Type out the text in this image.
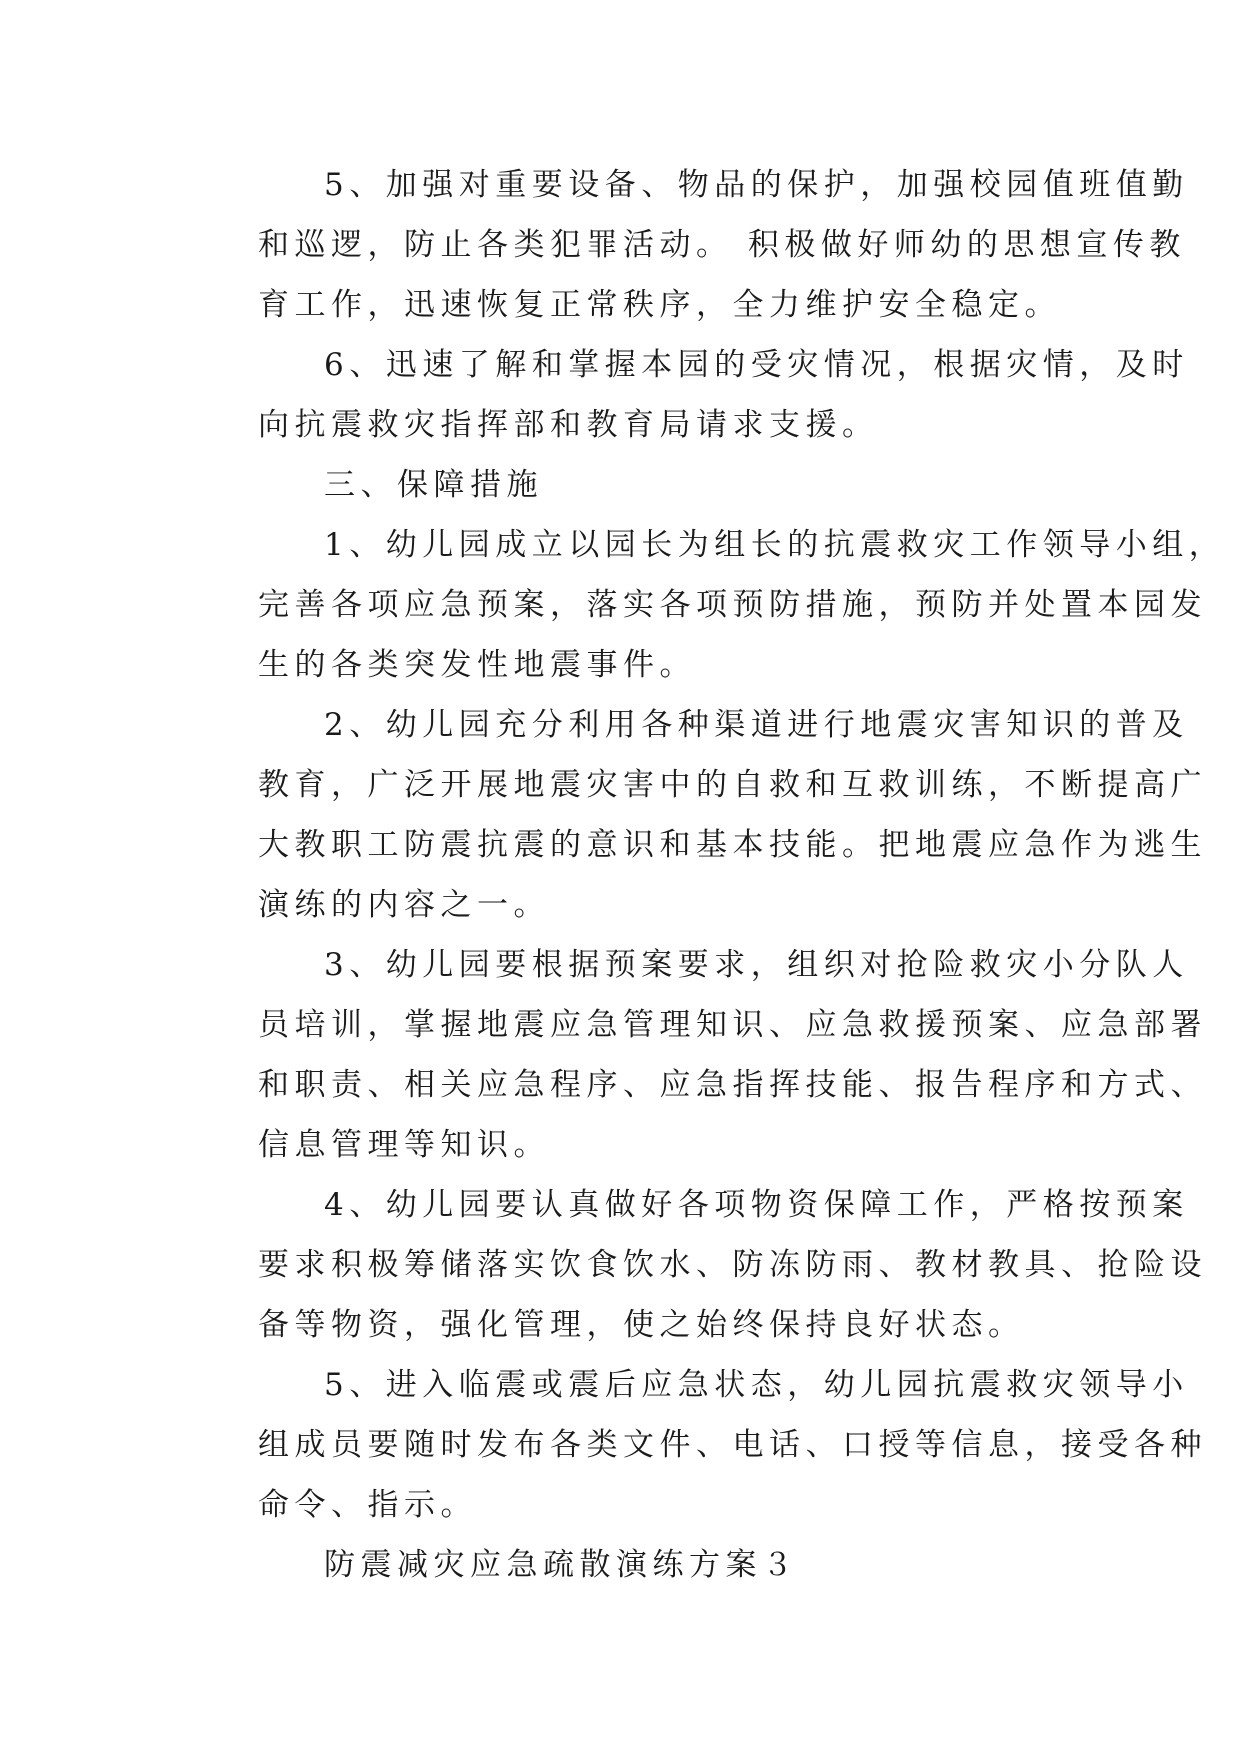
5、加强对重要设备、物品的保护，加强校园值班值勤
和巡逻，防止各类犯罪活动。 积极做好师幼的思想宣传教
育工作，迅速恢复正常秩序，全力维护安全稳定。

6、迅速了解和掌握本园的受灾情况，根据灾情，及时
向抗震救灾指挥部和教育局请求支援。

三、保障措施

1、幼儿园成立以园长为组长的抗震救灾工作领导小组，
完善各项应急预案，落实各项预防措施，预防并处置本园发
生的各类突发性地震事件。

2、幼儿园充分利用各种渠道进行地震灾害知识的普及
教育，广泛开展地震灾害中的自救和互救训练，不断提高广
大教职工防震抗震的意识和基本技能。把地震应急作为逃生
演练的内容之一。

3、幼儿园要根据预案要求，组织对抢险救灾小分队人
员培训，掌握地震应急管理知识、应急救援预案、应急部署
和职责、相关应急程序、应急指挥技能、报告程序和方式、
信息管理等知识。

4、幼儿园要认真做好各项物资保障工作，严格按预案
要求积极筹储落实饮食饮水、防冻防雨、教材教具、抢险设
备等物资，强化管理，使之始终保持良好状态。

5、进入临震或震后应急状态，幼儿园抗震救灾领导小
组成员要随时发布各类文件、电话、口授等信息，接受各种
命令、指示。

防震减灾应急疏散演练方案３
